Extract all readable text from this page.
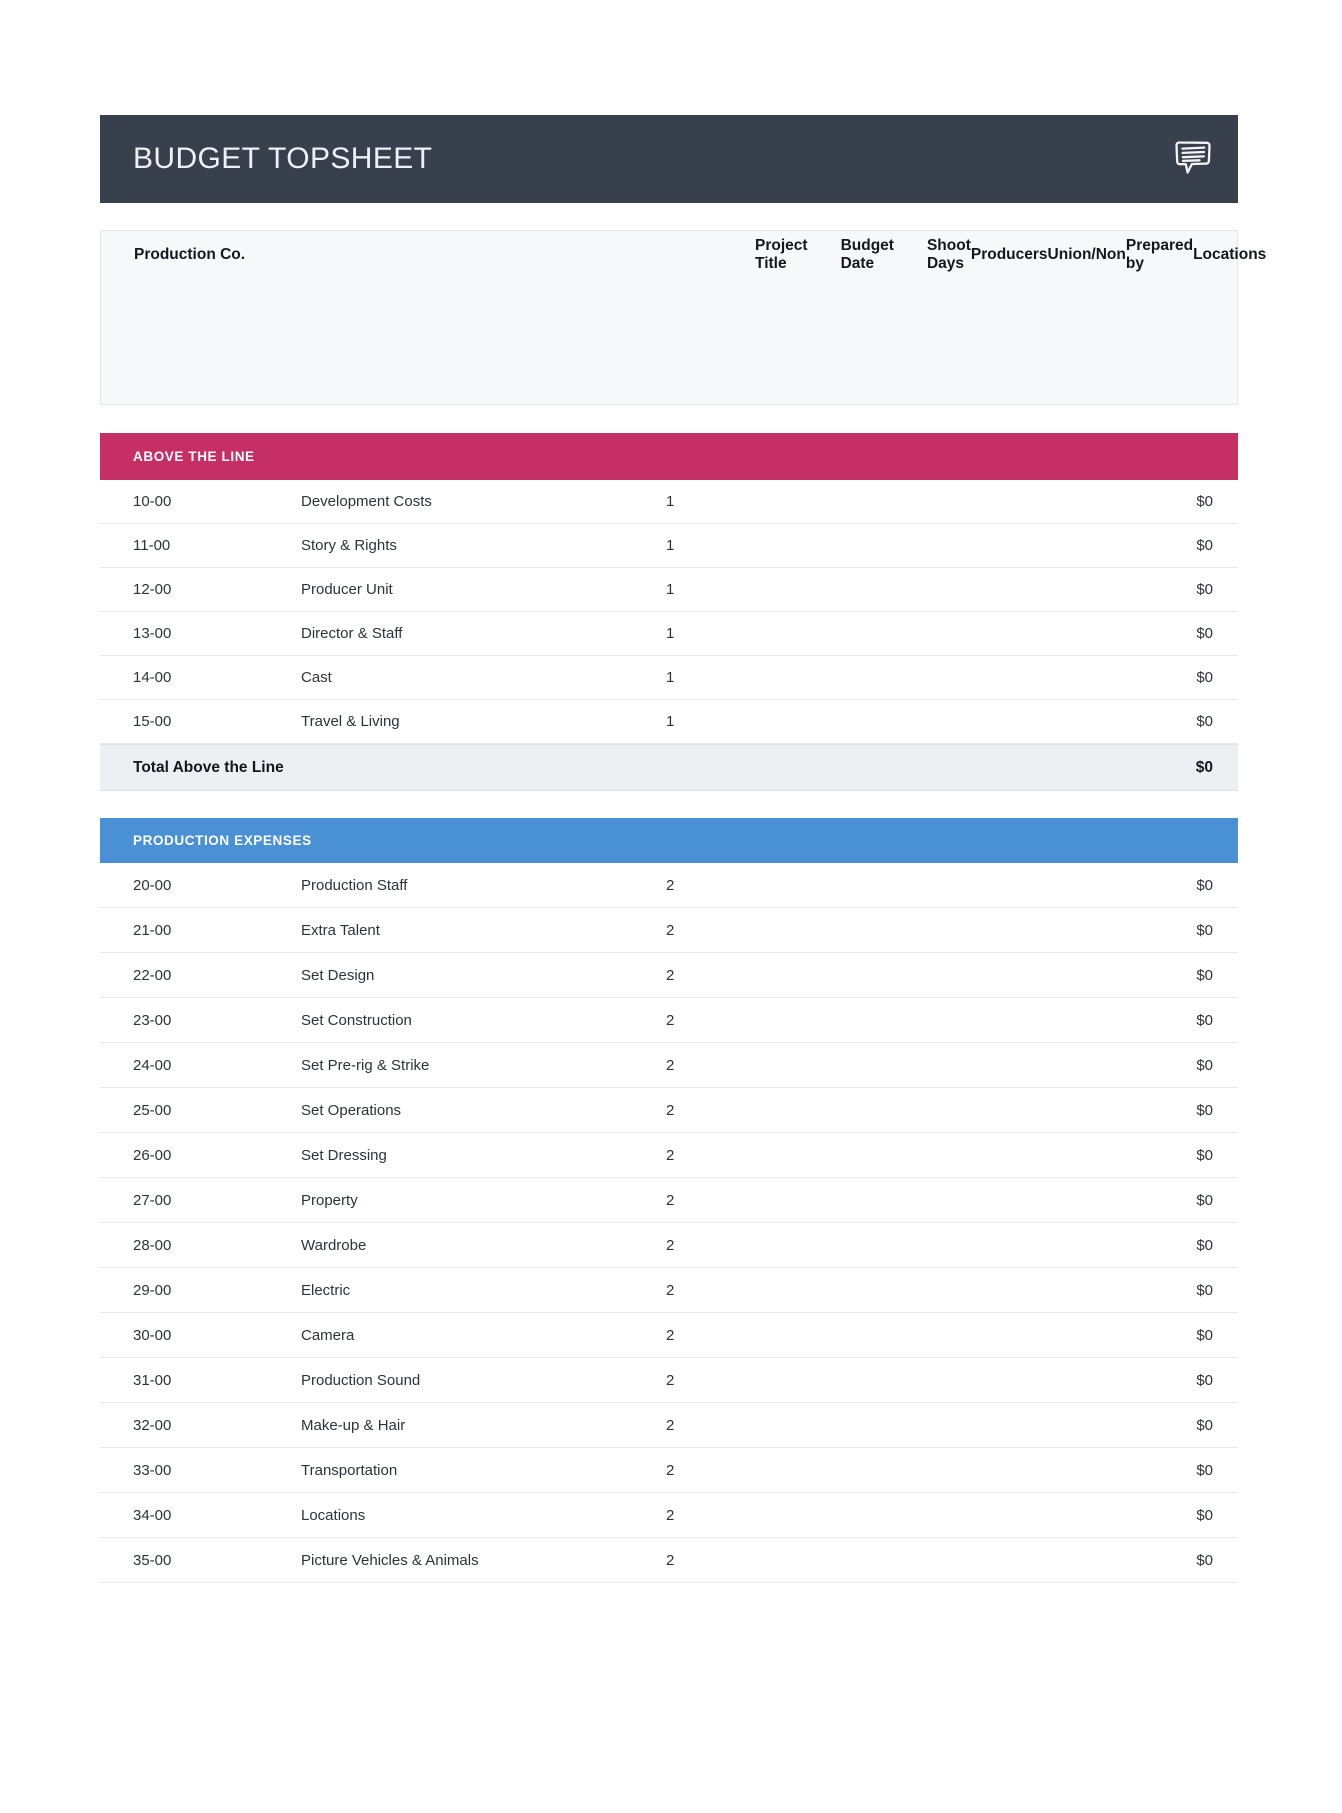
BUDGET TOPSHEET
Production Co.
Project Title
Budget Date
Shoot Days
Producers Union/Non
Prepared by
Locations
ABOVE THE LINE
10-00	Development Costs	1	$0
11-00	Story & Rights	1	$0
12-00	Producer Unit	1	$0
13-00	Director & Staff	1	$0
14-00	Cast	1	$0
15-00	Travel & Living	1	$0
Total Above the Line	$0
PRODUCTION EXPENSES
20-00	Production Staff	2	$0
21-00	Extra Talent	2	$0
22-00	Set Design	2	$0
23-00	Set Construction	2	$0
24-00	Set Pre-rig & Strike	2	$0
25-00	Set Operations	2	$0
26-00	Set Dressing	2	$0
27-00	Property	2	$0
28-00	Wardrobe	2	$0
29-00	Electric	2	$0
30-00	Camera	2	$0
31-00	Production Sound	2	$0
32-00	Make-up & Hair	2	$0
33-00	Transportation	2	$0
34-00	Locations	2	$0
35-00	Picture Vehicles & Animals	2	$0
